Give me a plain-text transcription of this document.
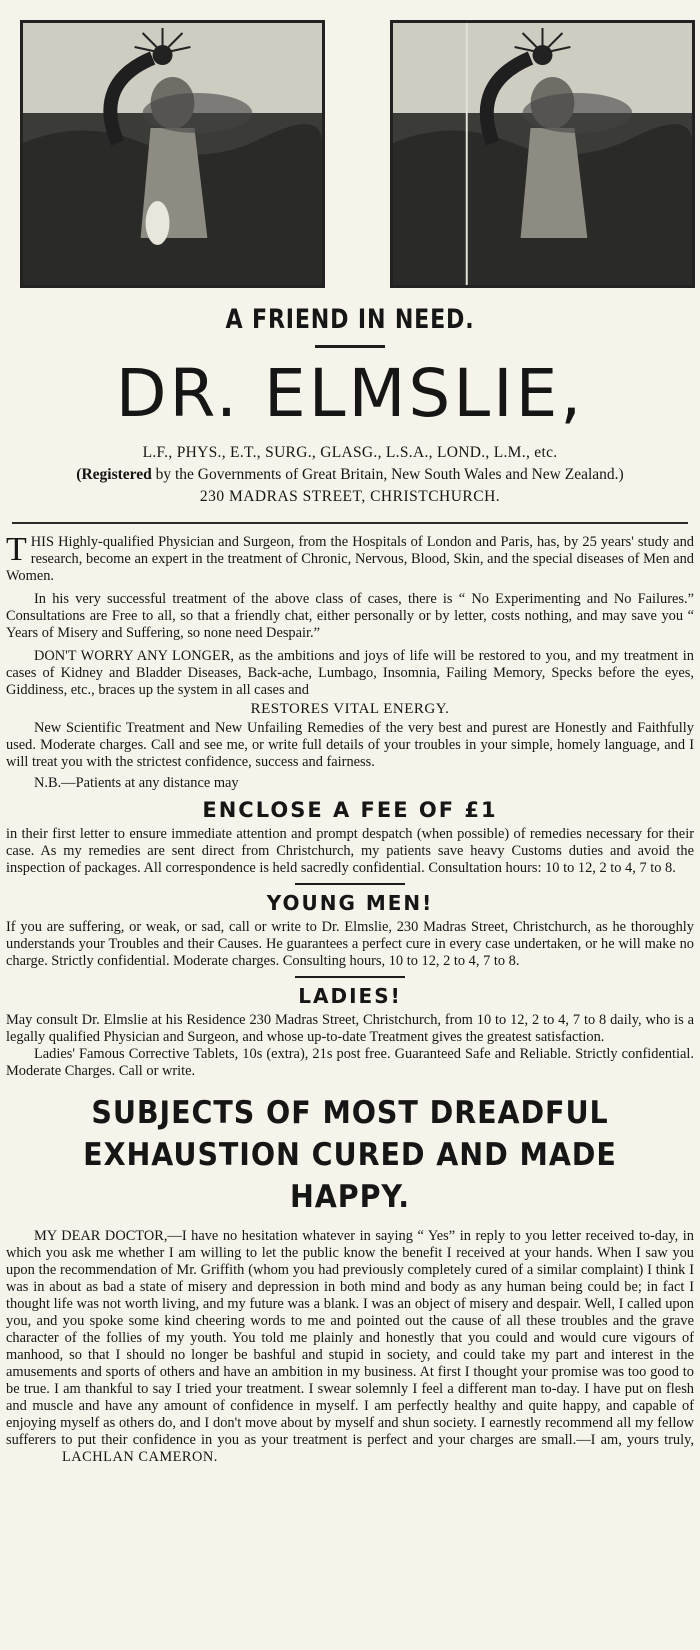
A FRIEND IN NEED.
DR. ELMSLIE,
L.F., PHYS., E.T., SURG., GLASG., L.S.A., LOND., L.M., etc.
(Registered by the Governments of Great Britain, New South Wales and New Zealand.)
230 MADRAS STREET, CHRISTCHURCH.

THIS Highly-qualified Physician and Surgeon, from the Hospitals of London and Paris, has, by 25 years' study and research, become an expert in the treatment of Chronic, Nervous, Blood, Skin, and the special diseases of Men and Women.

In his very successful treatment of the above class of cases, there is “ No Experimenting and No Failures.” Consultations are Free to all, so that a friendly chat, either personally or by letter, costs nothing, and may save you “ Years of Misery and Suffering, so none need Despair.”

DON'T WORRY ANY LONGER, as the ambitions and joys of life will be restored to you, and my treatment in cases of Kidney and Bladder Diseases, Back-ache, Lumbago, Insomnia, Failing Memory, Specks before the eyes, Giddiness, etc., braces up the system in all cases and

RESTORES VITAL ENERGY.

New Scientific Treatment and New Unfailing Remedies of the very best and purest are Honestly and Faithfully used. Moderate charges. Call and see me, or write full details of your troubles in your simple, homely language, and I will treat you with the strictest confidence, success and fairness.

N.B.—Patients at any distance may

ENCLOSE A FEE OF £1

in their first letter to ensure immediate attention and prompt despatch (when possible) of remedies necessary for their case. As my remedies are sent direct from Christchurch, my patients save heavy Customs duties and avoid the inspection of packages. All correspondence is held sacredly confidential. Consultation hours: 10 to 12, 2 to 4, 7 to 8.

YOUNG MEN!

If you are suffering, or weak, or sad, call or write to Dr. Elmslie, 230 Madras Street, Christchurch, as he thoroughly understands your Troubles and their Causes. He guarantees a perfect cure in every case undertaken, or he will make no charge. Strictly confidential. Moderate charges. Consulting hours, 10 to 12, 2 to 4, 7 to 8.

LADIES!

May consult Dr. Elmslie at his Residence 230 Madras Street, Christchurch, from 10 to 12, 2 to 4, 7 to 8 daily, who is a legally qualified Physician and Surgeon, and whose up-to-date Treatment gives the greatest satisfaction.

Ladies' Famous Corrective Tablets, 10s (extra), 21s post free. Guaranteed Safe and Reliable. Strictly confidential. Moderate Charges. Call or write.

SUBJECTS OF MOST DREADFUL EXHAUSTION CURED AND MADE HAPPY.

MY DEAR DOCTOR,—I have no hesitation whatever in saying “ Yes” in reply to you letter received to-day, in which you ask me whether I am willing to let the public know the benefit I received at your hands. When I saw you upon the recommendation of Mr. Griffith (whom you had previously completely cured of a similar complaint) I think I was in about as bad a state of misery and depression in both mind and body as any human being could be; in fact I thought life was not worth living, and my future was a blank. I was an object of misery and despair. Well, I called upon you, and you spoke some kind cheering words to me and pointed out the cause of all these troubles and the grave character of the follies of my youth. You told me plainly and honestly that you could and would cure vigours of manhood, so that I should no longer be bashful and stupid in society, and could take my part and interest in the amusements and sports of others and have an ambition in my business. At first I thought your promise was too good to be true. I am thankful to say I tried your treatment. I swear solemnly I feel a different man to-day. I have put on flesh and muscle and have any amount of confidence in myself. I am perfectly healthy and quite happy, and capable of enjoying myself as others do, and I don't move about by myself and shun society. I earnestly recommend all my fellow sufferers to put their confidence in you as your treatment is perfect and your charges are small.—I am, yours truly,LACHLAN CAMERON.
